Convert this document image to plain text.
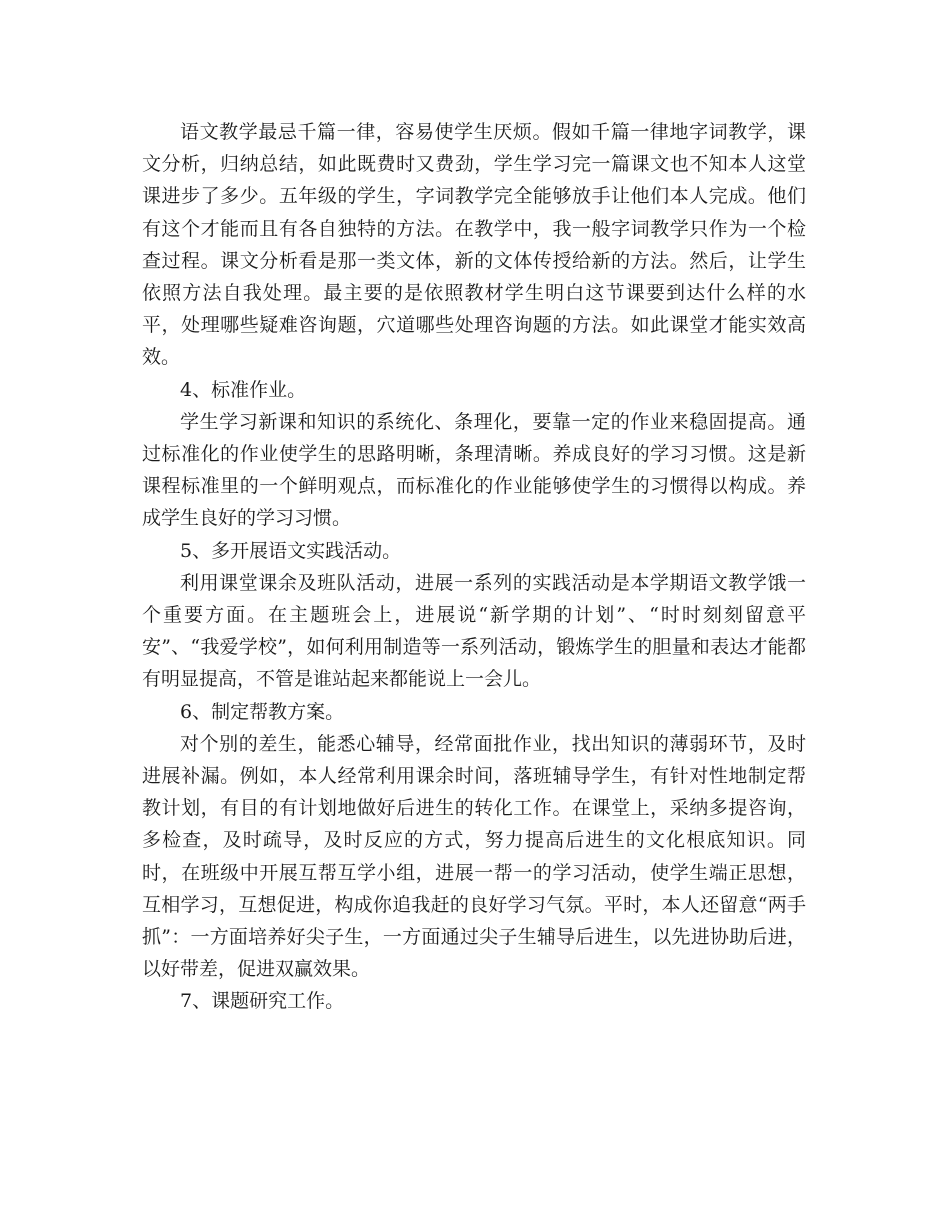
语文教学最忌千篇一律，容易使学生厌烦。假如千篇一律地字词教学，课文分析，归纳总结，如此既费时又费劲，学生学习完一篇课文也不知本人这堂课进步了多少。五年级的学生，字词教学完全能够放手让他们本人完成。他们有这个才能而且有各自独特的方法。在教学中，我一般字词教学只作为一个检查过程。课文分析看是那一类文体，新的文体传授给新的方法。然后，让学生依照方法自我处理。最主要的是依照教材学生明白这节课要到达什么样的水平，处理哪些疑难咨询题，穴道哪些处理咨询题的方法。如此课堂才能实效高效。

4、标准作业。

学生学习新课和知识的系统化、条理化，要靠一定的作业来稳固提高。通过标准化的作业使学生的思路明晰，条理清晰。养成良好的学习习惯。这是新课程标准里的一个鲜明观点，而标准化的作业能够使学生的习惯得以构成。养成学生良好的学习习惯。

5、多开展语文实践活动。

利用课堂课余及班队活动，进展一系列的实践活动是本学期语文教学饿一个重要方面。在主题班会上，进展说“新学期的计划”、“时时刻刻留意平安”、“我爱学校”，如何利用制造等一系列活动，锻炼学生的胆量和表达才能都有明显提高，不管是谁站起来都能说上一会儿。

6、制定帮教方案。

对个别的差生，能悉心辅导，经常面批作业，找出知识的薄弱环节，及时进展补漏。例如，本人经常利用课余时间，落班辅导学生，有针对性地制定帮教计划，有目的有计划地做好后进生的转化工作。在课堂上，采纳多提咨询，多检查，及时疏导，及时反应的方式，努力提高后进生的文化根底知识。同时，在班级中开展互帮互学小组，进展一帮一的学习活动，使学生端正思想，互相学习，互想促进，构成你追我赶的良好学习气氛。平时，本人还留意“两手抓”：一方面培养好尖子生，一方面通过尖子生辅导后进生，以先进协助后进，以好带差，促进双赢效果。

7、课题研究工作。
